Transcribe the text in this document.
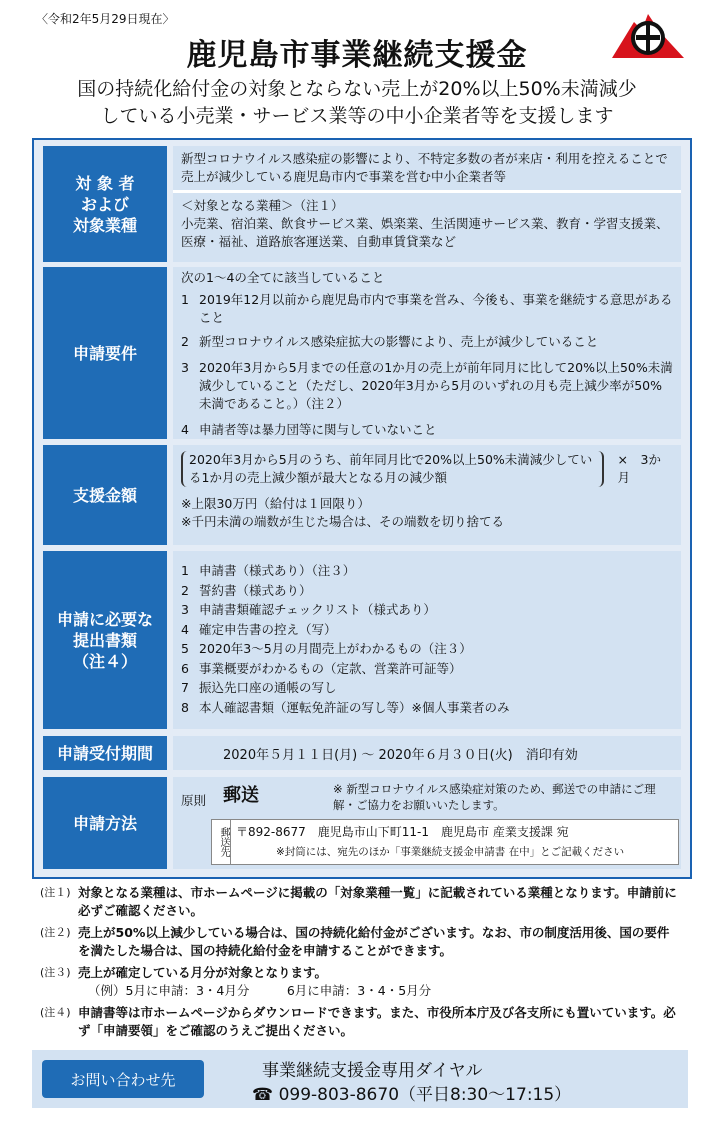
〈令和2年5月29日現在〉
鹿児島市事業継続支援金
国の持続化給付金の対象とならない売上が20%以上50%未満減少
している小売業・サービス業等の中小企業者等を支援します
対 象 者
および
対象業種
新型コロナウイルス感染症の影響により、不特定多数の者が来店・利用を控えることで売上が減少している鹿児島市内で事業を営む中小企業者等
＜対象となる業種＞（注１）
小売業、宿泊業、飲食サービス業、娯楽業、生活関連サービス業、教育・学習支援業、医療・福祉、道路旅客運送業、自動車賃貸業など
申請要件
次の1～4の全てに該当していること
1 2019年12月以前から鹿児島市内で事業を営み、今後も、事業を継続する意思があること
2 新型コロナウイルス感染症拡大の影響により、売上が減少していること
3 2020年3月から5月までの任意の1か月の売上が前年同月に比して20%以上50%未満減少していること（ただし、2020年3月から5月のいずれの月も売上減少率が50%未満であること。）（注２）
4 申請者等は暴力団等に関与していないこと
支援金額
2020年3月から5月のうち、前年同月比で20%以上50%未満減少している1か月の売上減少額が最大となる月の減少額
×　3か月
※上限30万円（給付は１回限り）
※千円未満の端数が生じた場合は、その端数を切り捨てる
申請に必要な
提出書類
（注４）
1 申請書（様式あり）（注３）
2 誓約書（様式あり）
3 申請書類確認チェックリスト（様式あり）
4 確定申告書の控え（写）
5 2020年3～5月の月間売上がわかるもの（注３）
6 事業概要がわかるもの（定款、営業許可証等）
7 振込先口座の通帳の写し
8 本人確認書類（運転免許証の写し等）※個人事業者のみ
申請受付期間	2020年５月１１日(月) ～ 2020年６月３０日(火)　消印有効
申請方法
原則 郵送	※ 新型コロナウイルス感染症対策のため、郵送での申請にご理解・ご協力をお願いいたします。
郵送先 〒892-8677　鹿児島市山下町11-1　鹿児島市 産業支援課 宛
※封筒には、宛先のほか「事業継続支援金申請書 在中」とご記載ください
(注１) 対象となる業種は、市ホームページに掲載の「対象業種一覧」に記載されている業種となります。申請前に必ずご確認ください。
(注２) 売上が50%以上減少している場合は、国の持続化給付金がございます。なお、市の制度活用後、国の要件を満たした場合は、国の持続化給付金を申請することができます。
(注３) 売上が確定している月分が対象となります。
（例）5月に申請：3・4月分　　　6月に申請：3・4・5月分
(注４) 申請書等は市ホームページからダウンロードできます。また、市役所本庁及び各支所にも置いています。必ず「申請要領」をご確認のうえご提出ください。
お問い合わせ先	事業継続支援金専用ダイヤル
☎ 099-803-8670（平日8:30～17:15）
